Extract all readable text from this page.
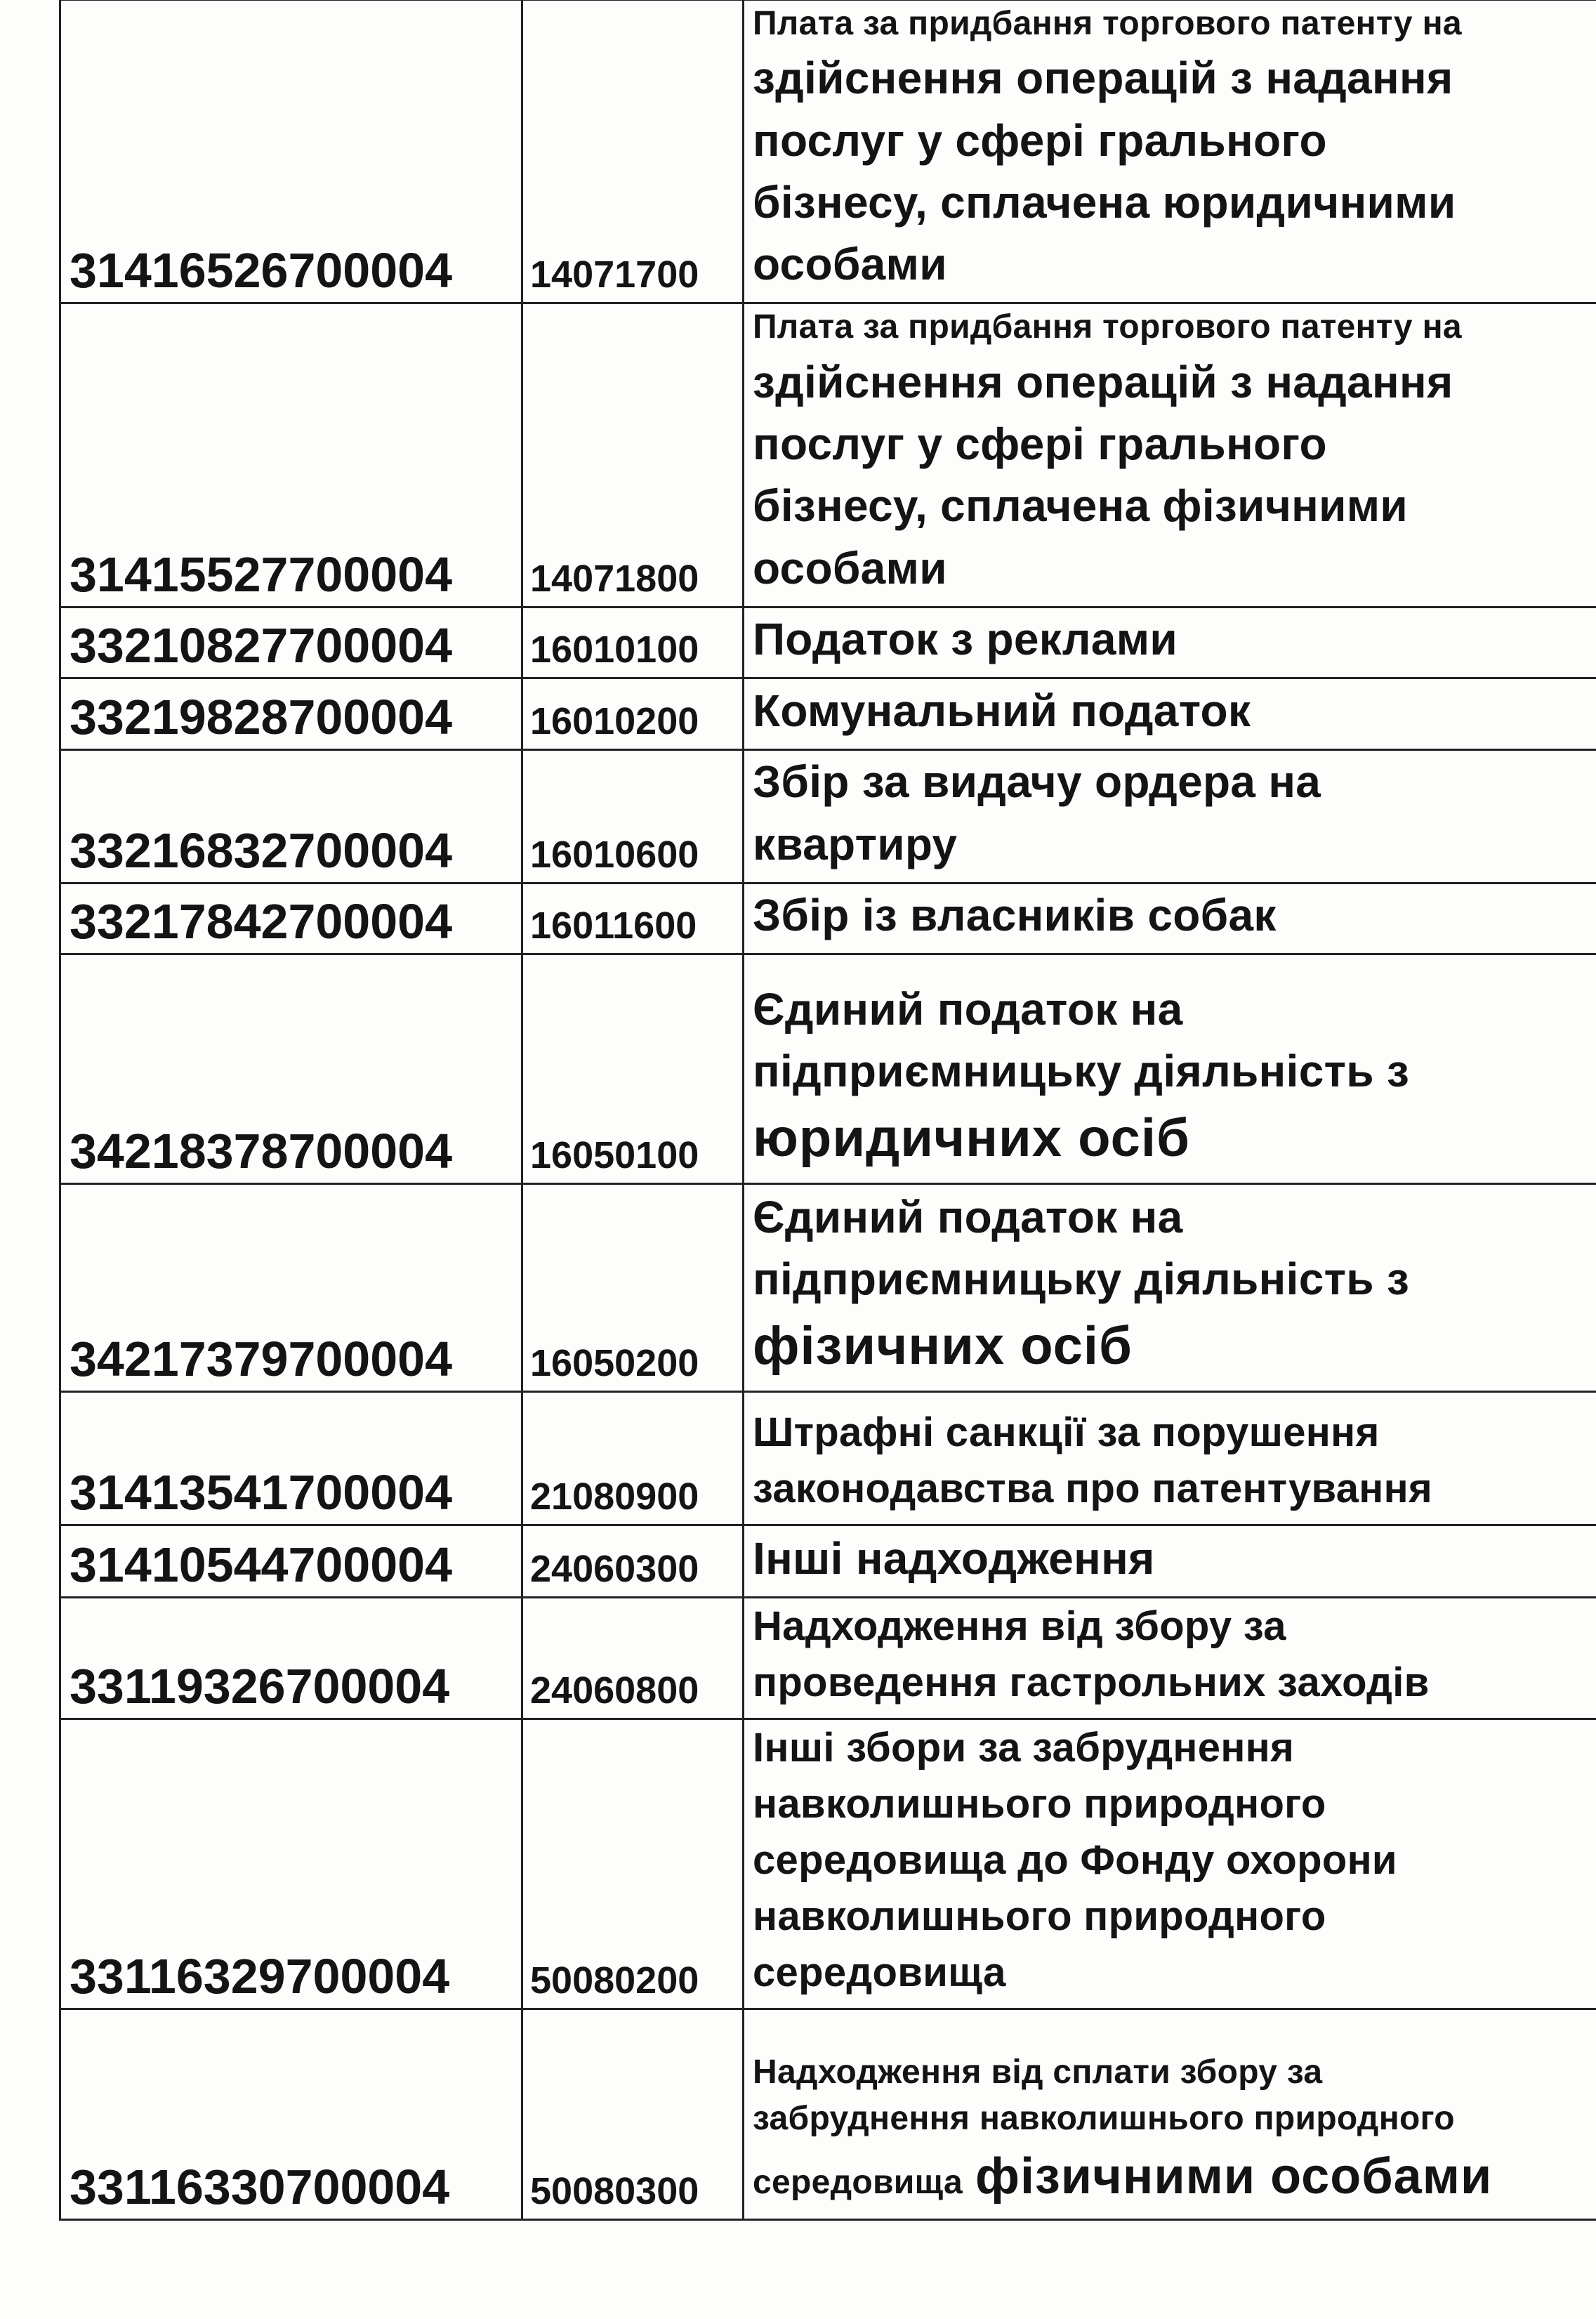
31416526700004	14071700	Плата за придбання торгового патенту на
здійснення операцій з надання
послуг у сфері грального
бізнесу, сплачена юридичними
особами

31415527700004	14071800	Плата за придбання торгового патенту на
здійснення операцій з надання
послуг у сфері грального
бізнесу, сплачена фізичними
особами

33210827700004	16010100	Податок з реклами

33219828700004	16010200	Комунальний податок

33216832700004	16010600	Збір за видачу ордера на
квартиру

33217842700004	16011600	Збір із власників собак

34218378700004	16050100	Єдиний податок на
підприємницьку діяльність з
юридичних осіб

34217379700004	16050200	Єдиний податок на
підприємницьку діяльність з
фізичних осіб

31413541700004	21080900	Штрафні санкції за порушення
законодавства про патентування

31410544700004	24060300	Інші надходження

33119326700004	24060800	Надходження від збору за
проведення гастрольних заходів

33116329700004	50080200	Інші збори за забруднення
навколишнього природного
середовища до Фонду охорони
навколишнього природного
середовища

33116330700004	50080300	Надходження від сплати збору за
забруднення навколишнього природного
середовища фізичними особами
